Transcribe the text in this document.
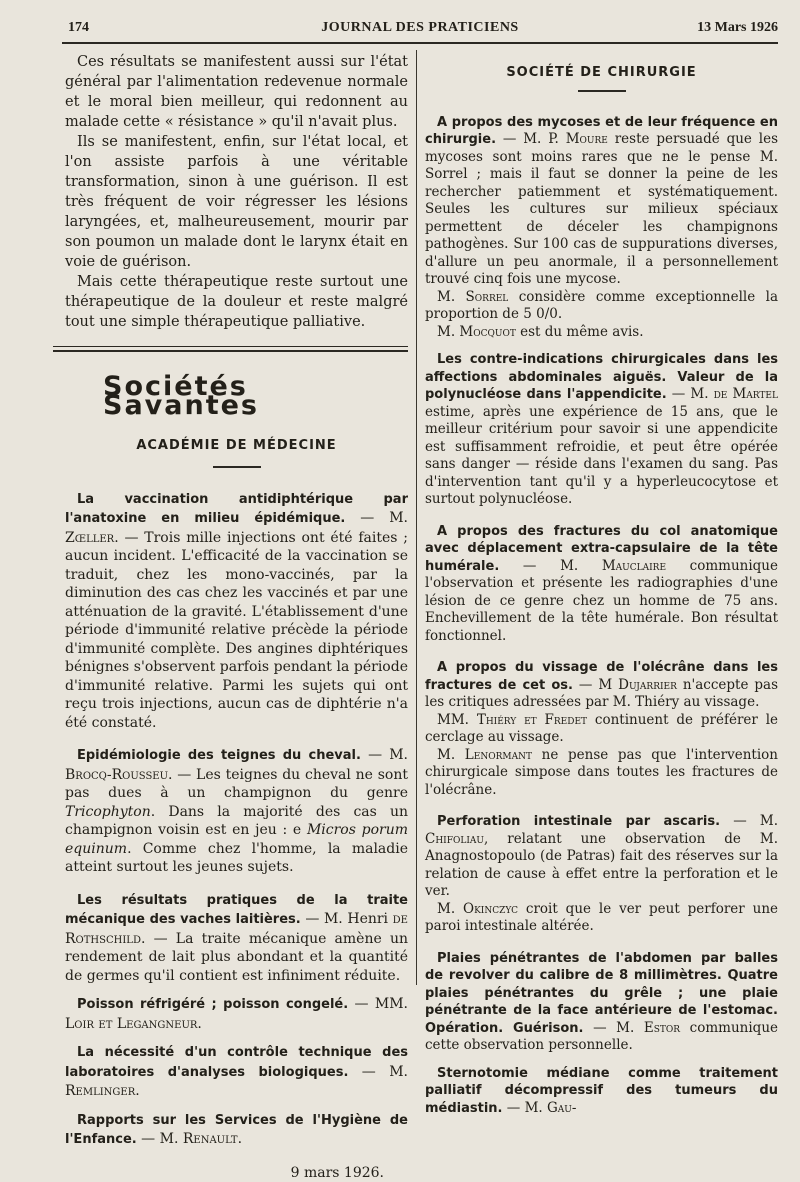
174	JOURNAL DES PRATICIENS	13 Mars 1926

Ces résultats se manifestent aussi sur l'état général par l'alimentation redevenue normale et le moral bien meilleur, qui redonnent au malade cette « résistance » qu'il n'avait plus.

Ils se manifestent, enfin, sur l'état local, et l'on assiste parfois à une véritable transformation, sinon à une guérison. Il est très fréquent de voir régresser les lésions laryngées, et, malheureusement, mourir par son poumon un malade dont le larynx était en voie de guérison.

Mais cette thérapeutique reste surtout une thérapeutique de la douleur et reste malgré tout une simple thérapeutique palliative.

Sociétés Savantes
ACADÉMIE DE MÉDECINE

La vaccination antidiphtérique par l'anatoxine en milieu épidémique. — M. Zœller. — Trois mille injections ont été faites ; aucun incident. L'efficacité de la vaccination se traduit, chez les mono-vaccinés, par la diminution des cas chez les vaccinés et par une atténuation de la gravité. L'établissement d'une période d'immunité relative précède la période d'immunité complète. Des angines diphtériques bénignes s'observent parfois pendant la période d'immunité relative. Parmi les sujets qui ont reçu trois injections, aucun cas de diphtérie n'a été constaté.

Epidémiologie des teignes du cheval. — M. Brocq-Rousseu. — Les teignes du cheval ne sont pas dues à un champignon du genre Tricophyton. Dans la majorité des cas un champignon voisin est en jeu : e Micros porum equinum. Comme chez l'homme, la maladie atteint surtout les jeunes sujets.

Les résultats pratiques de la traite mécanique des vaches laitières. — M. Henri de Rothschild. — La traite mécanique amène un rendement de lait plus abondant et la quantité de germes qu'il contient est infiniment réduite.

Poisson réfrigéré ; poisson congelé. — MM. Loir et Legangneur.

La nécessité d'un contrôle technique des laboratoires d'analyses biologiques. — M. Remlinger.

Rapports sur les Services de l'Hygiène de l'Enfance. — M. Renault.

9 mars 1926.

SOCIÉTÉ DE CHIRURGIE

A propos des mycoses et de leur fréquence en chirurgie. — M. P. Moure reste persuadé que les mycoses sont moins rares que ne le pense M. Sorrel ; mais il faut se donner la peine de les rechercher patiemment et systématiquement. Seules les cultures sur milieux spéciaux permettent de déceler les champignons pathogènes. Sur 100 cas de suppurations diverses, d'allure un peu anormale, il a personnellement trouvé cinq fois une mycose.

M. Sorrel considère comme exceptionnelle la proportion de 5 0/0.

M. Mocquot est du même avis.

Les contre-indications chirurgicales dans les affections abdominales aiguës. Valeur de la polynucléose dans l'appendicite. — M. de Martel estime, après une expérience de 15 ans, que le meilleur critérium pour savoir si une appendicite est suffisamment refroidie, et peut être opérée sans danger — réside dans l'examen du sang. Pas d'intervention tant qu'il y a hyperleucocytose et surtout polynucléose.

A propos des fractures du col anatomique avec déplacement extra-capsulaire de la tête humérale. — M. Mauclaire communique l'observation et présente les radiographies d'une lésion de ce genre chez un homme de 75 ans. Enchevillement de la tête humérale. Bon résultat fonctionnel.

A propos du vissage de l'olécrâne dans les fractures de cet os. — M Dujarrier n'accepte pas les critiques adressées par M. Thiéry au vissage.

MM. Thiéry et Fredet continuent de préférer le cerclage au vissage.

M. Lenormant ne pense pas que l'intervention chirurgicale simpose dans toutes les fractures de l'olécrâne.

Perforation intestinale par ascaris. — M. Chifoliau, relatant une observation de M. Anagnostopoulo (de Patras) fait des réserves sur la relation de cause à effet entre la perforation et le ver.

M. Okinczyc croit que le ver peut perforer une paroi intestinale altérée.

Plaies pénétrantes de l'abdomen par balles de revolver du calibre de 8 millimètres. Quatre plaies pénétrantes du grêle ; une plaie pénétrante de la face antérieure de l'estomac. Opération. Guérison. — M. Estor communique cette observation personnelle.

Sternotomie médiane comme traitement palliatif décompressif des tumeurs du médiastin. — M. Gau-
